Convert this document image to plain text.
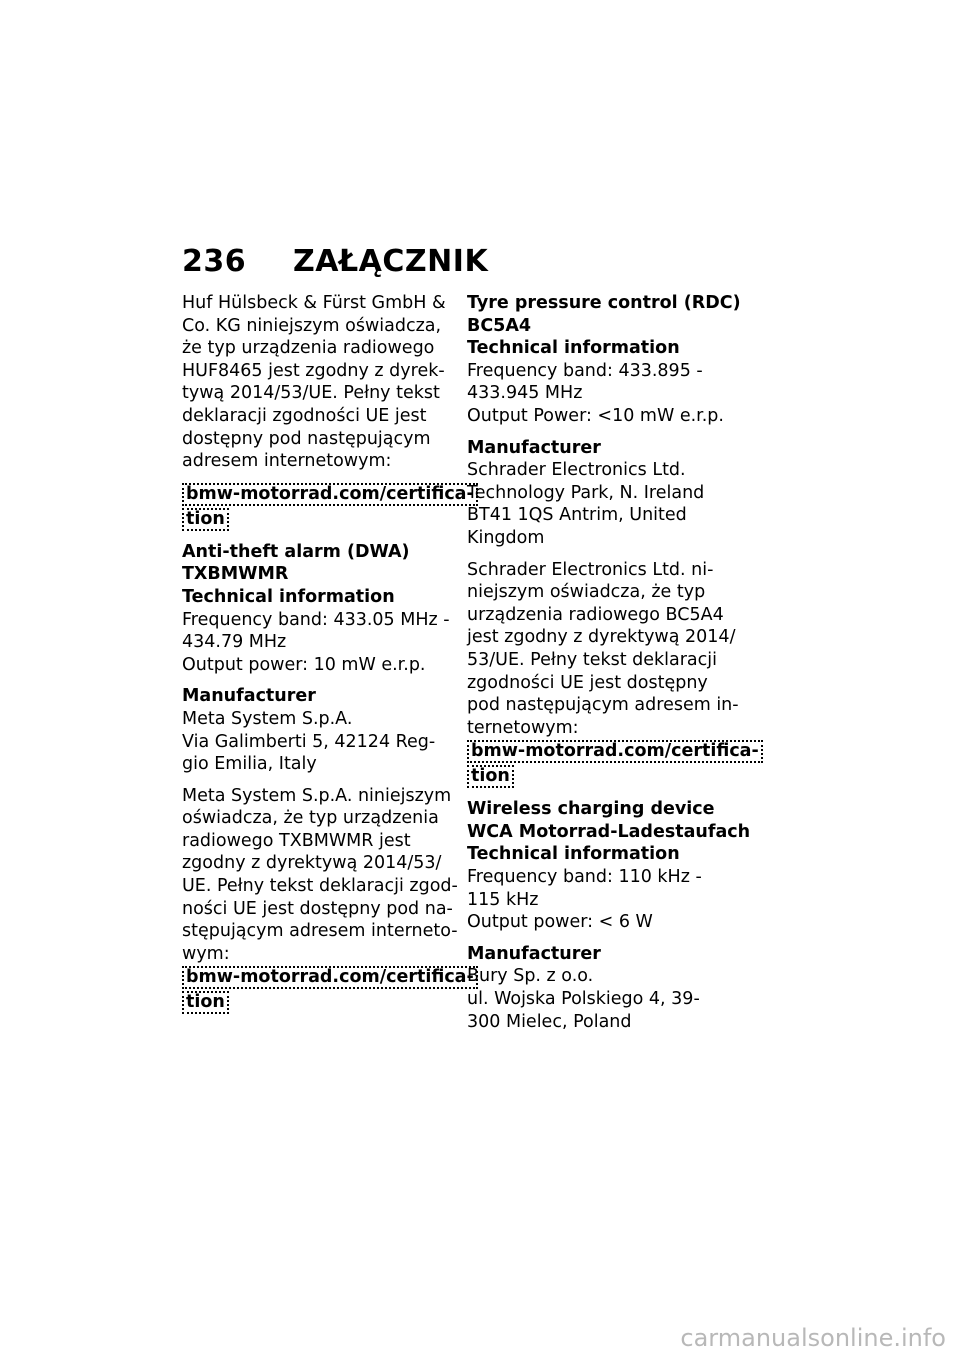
236 ZAŁĄCZNIK
Huf Hülsbeck & Fürst GmbH &
Co. KG niniejszym oświadcza,
że typ urządzenia radiowego
HUF8465 jest zgodny z dyrek-
tywą 2014/53/UE. Pełny tekst
deklaracji zgodności UE jest
dostępny pod następującym
adresem internetowym:
bmw-motorrad.com/certifica-
tion
Anti-theft alarm (DWA)
TXBMWMR
Technical information
Frequency band: 433.05 MHz -
434.79 MHz
Output power: 10 mW e.r.p.
Manufacturer
Meta System S.p.A.
Via Galimberti 5, 42124 Reg-
gio Emilia, Italy
Meta System S.p.A. niniejszym
oświadcza, że typ urządzenia
radiowego TXBMWMR jest
zgodny z dyrektywą 2014/53/
UE. Pełny tekst deklaracji zgod-
ności UE jest dostępny pod na-
stępującym adresem interneto-
wym:
bmw-motorrad.com/certifica-
tion
Tyre pressure control (RDC)
BC5A4
Technical information
Frequency band: 433.895 -
433.945 MHz
Output Power: <10 mW e.r.p.
Manufacturer
Schrader Electronics Ltd.
Technology Park, N. Ireland
BT41 1QS Antrim, United
Kingdom
Schrader Electronics Ltd. ni-
niejszym oświadcza, że typ
urządzenia radiowego BC5A4
jest zgodny z dyrektywą 2014/
53/UE. Pełny tekst deklaracji
zgodności UE jest dostępny
pod następującym adresem in-
ternetowym:
bmw-motorrad.com/certifica-
tion
Wireless charging device
WCA Motorrad-Ladestaufach
Technical information
Frequency band: 110 kHz -
115 kHz
Output power: < 6 W
Manufacturer
Bury Sp. z o.o.
ul. Wojska Polskiego 4, 39-
300 Mielec, Poland
carmanualsonline.info
